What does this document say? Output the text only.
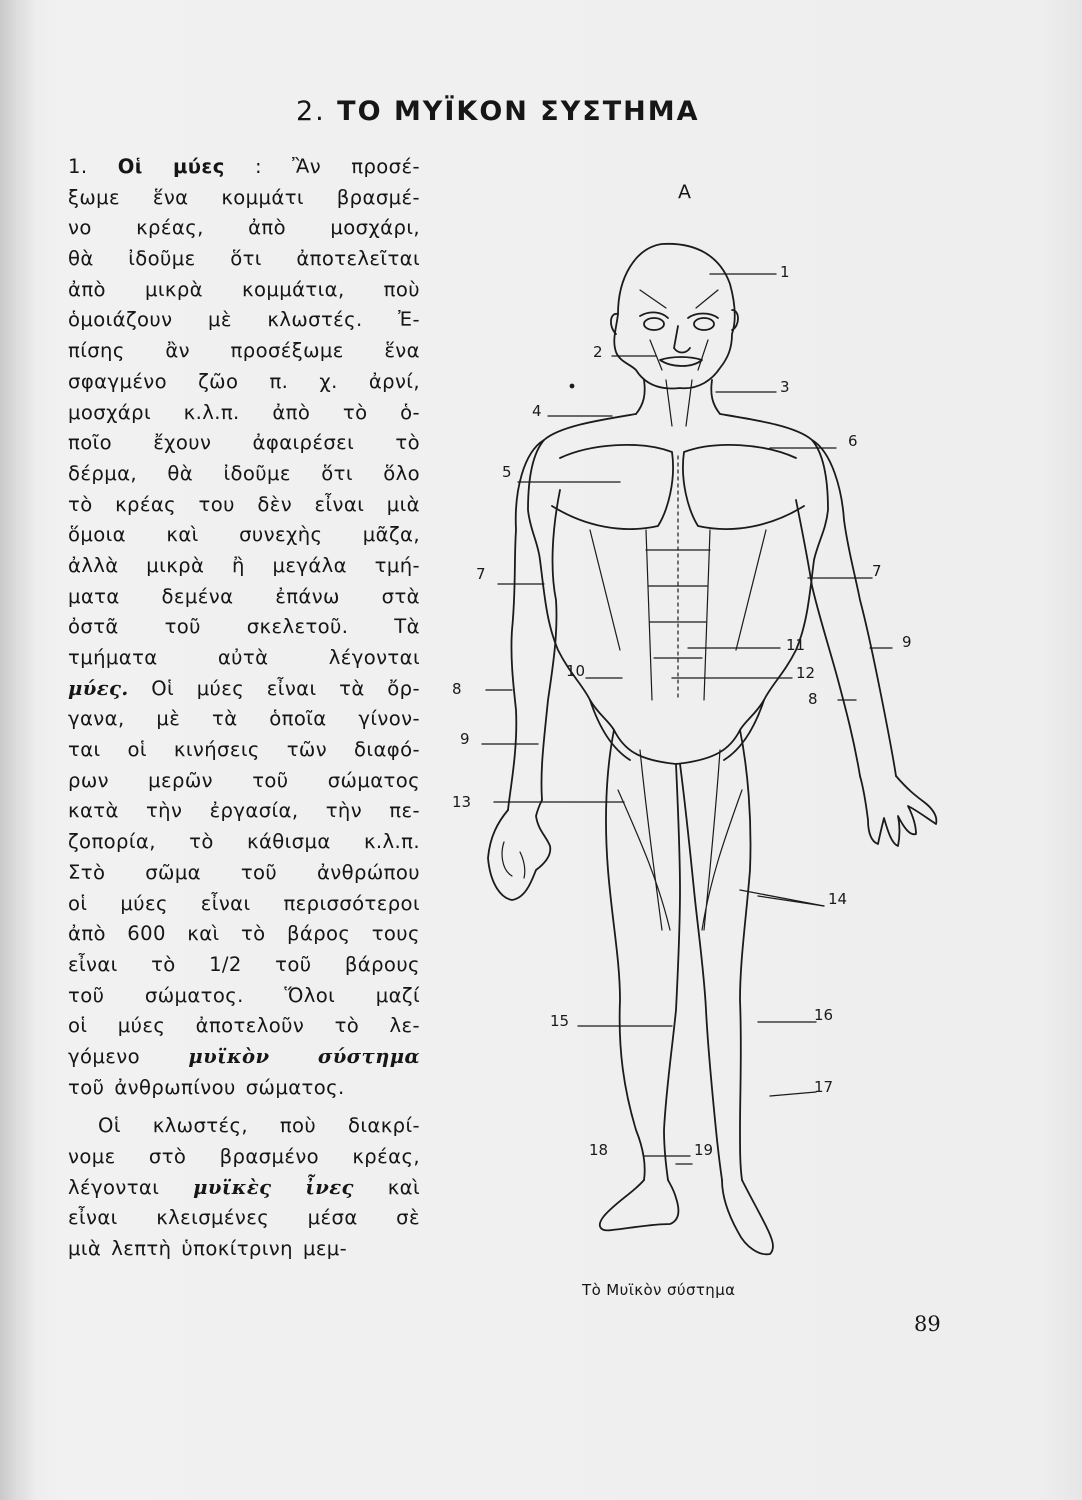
2. ΤΟ ΜΥΪΚΟΝ ΣΥΣΤΗΜΑ
1. Οἱ μύες : Ἂν προσέ-
ξωμε ἕνα κομμάτι βρασμέ-
νο κρέας, ἀπὸ μοσχάρι,
θὰ ἰδοῦμε ὅτι ἀποτελεῖται
ἀπὸ μικρὰ κομμάτια, ποὺ
ὁμοιάζουν μὲ κλωστές. Ἐ-
πίσης ἂν προσέξωμε ἕνα
σφαγμένο ζῶο π. χ. ἀρνί,
μοσχάρι κ.λ.π. ἀπὸ τὸ ὁ-
ποῖο ἔχουν ἀφαιρέσει τὸ
δέρμα, θὰ ἰδοῦμε ὅτι ὅλο
τὸ κρέας του δὲν εἶναι μιὰ
ὅμοια καὶ συνεχὴς μᾶζα,
ἀλλὰ μικρὰ ἢ μεγάλα τμή-
ματα δεμένα ἐπάνω στὰ
ὀστᾶ τοῦ σκελετοῦ. Τὰ
τμήματα	αὐτὰ	λέγονται
μύες. Οἱ μύες εἶναι τὰ ὄρ-
γανα, μὲ τὰ ὁποῖα γίνον-
ται οἱ κινήσεις τῶν διαφό-
ρων μερῶν τοῦ σώματος
κατὰ τὴν ἐργασία, τὴν πε-
ζοπορία, τὸ κάθισμα κ.λ.π.
Στὸ σῶμα τοῦ ἀνθρώπου
οἱ μύες εἶναι περισσότεροι
ἀπὸ 600 καὶ τὸ βάρος τους
εἶναι τὸ 1/2 τοῦ βάρους
τοῦ σώματος. Ὅλοι μαζί
οἱ μύες ἀποτελοῦν τὸ λε-
γόμενο μυϊκὸν σύστημα
τοῦ ἀνθρωπίνου σώματος.
Οἱ κλωστές, ποὺ διακρί-
νομε στὸ βρασμένο κρέας,
λέγονται μυϊκὲς ἶνες καὶ
εἶναι κλεισμένες μέσα σὲ
μιὰ λεπτὴ ὑποκίτρινη μεμ-
Α
1
2
3
4
5
6
7	7
8
8
9
9
10
11
12
13
14
15	16
17
18	19
Τὸ Μυϊκὸν σύστημα
89
